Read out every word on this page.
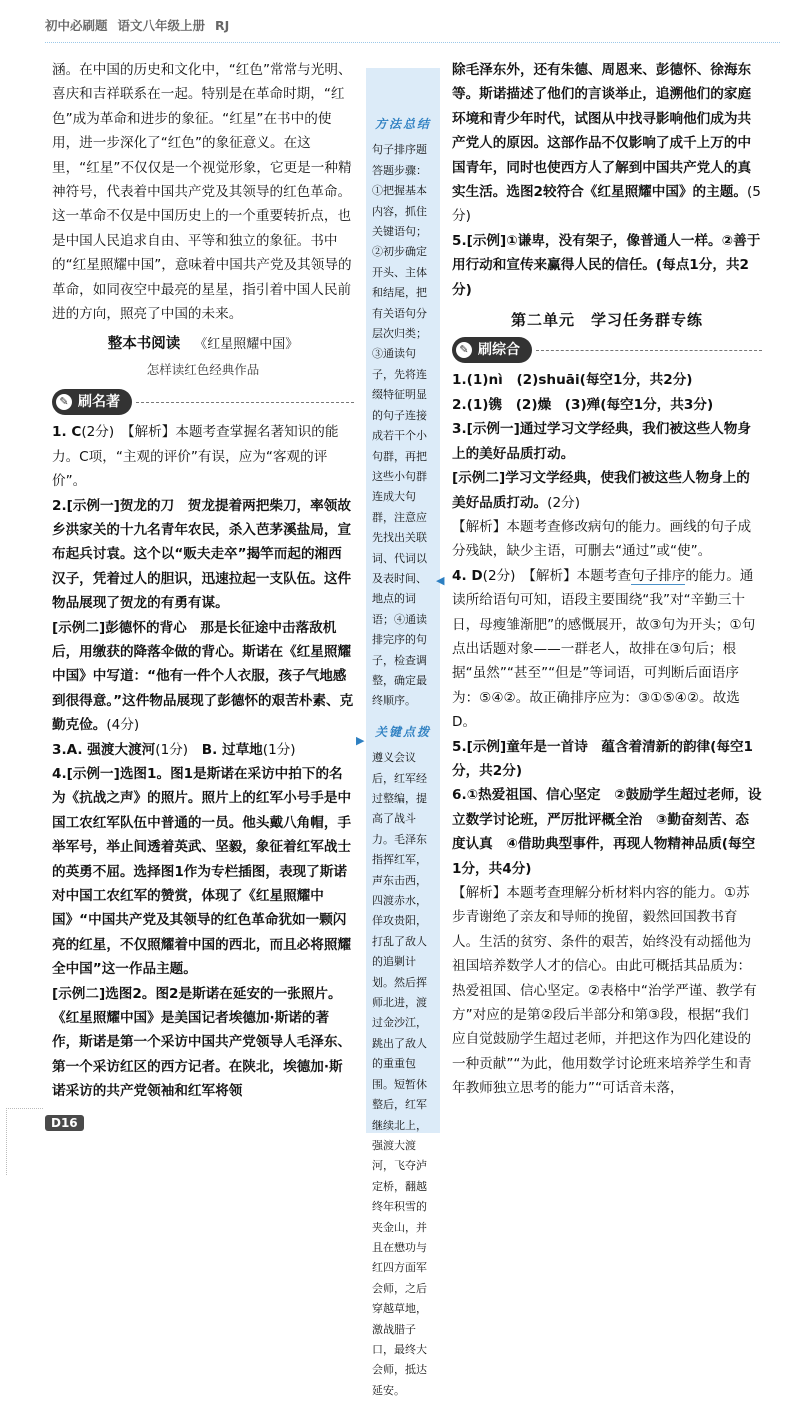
初中必刷题 语文八年级上册 RJ

涵。在中国的历史和文化中，“红色”常常与光明、喜庆和吉祥联系在一起。特别是在革命时期，“红色”成为革命和进步的象征。“红星”在书中的使用，进一步深化了“红色”的象征意义。在这里，“红星”不仅仅是一个视觉形象，它更是一种精神符号，代表着中国共产党及其领导的红色革命。这一革命不仅是中国历史上的一个重要转折点，也是中国人民追求自由、平等和独立的象征。书中的“红星照耀中国”，意味着中国共产党及其领导的革命，如同夜空中最亮的星星，指引着中国人民前进的方向，照亮了中国的未来。

整本书阅读 《红星照耀中国》
怎样读红色经典作品
✎ 刷名著

1. C(2分)　【解析】本题考查掌握名著知识的能力。C项，“主观的评价”有误，应为“客观的评价”。

2.[示例一]贺龙的刀　贺龙提着两把柴刀，率领故乡洪家关的十九名青年农民，杀入芭茅溪盐局，宣布起兵讨袁。这个以“贩夫走卒”揭竿而起的湘西汉子，凭着过人的胆识，迅速拉起一支队伍。这件物品展现了贺龙的有勇有谋。

[示例二]彭德怀的背心　那是长征途中击落敌机后，用缴获的降落伞做的背心。斯诺在《红星照耀中国》中写道：“他有一件个人衣服，孩子气地感到很得意。”这件物品展现了彭德怀的艰苦朴素、克勤克俭。(4分)

3.A. 强渡大渡河(1分)　B. 过草地(1分)

4.[示例一]选图1。图1是斯诺在采访中拍下的名为《抗战之声》的照片。照片上的红军小号手是中国工农红军队伍中普通的一员。他头戴八角帽，手举军号，举止间透着英武、坚毅，象征着红军战士的英勇不屈。选择图1作为专栏插图，表现了斯诺对中国工农红军的赞赏，体现了《红星照耀中国》“中国共产党及其领导的红色革命犹如一颗闪亮的红星，不仅照耀着中国的西北，而且必将照耀全中国”这一作品主题。

[示例二]选图2。图2是斯诺在延安的一张照片。《红星照耀中国》是美国记者埃德加·斯诺的著作，斯诺是第一个采访中国共产党领导人毛泽东、第一个采访红区的西方记者。在陕北，埃德加·斯诺采访的共产党领袖和红军将领

方法总结
句子排序题答题步骤：①把握基本内容，抓住关键语句；②初步确定开头、主体和结尾，把有关语句分层次归类；③通读句子，先将连缀特征明显的句子连接成若干个小句群，再把这些小句群连成大句群，注意应先找出关联词、代词以及表时间、地点的词语；④通读排完序的句子，检查调整，确定最终顺序。
关键点拨
遵义会议后，红军经过整编，提高了战斗力。毛泽东指挥红军，声东击西，四渡赤水，佯攻贵阳，打乱了敌人的追剿计划。然后挥师北进，渡过金沙江，跳出了敌人的重重包围。短暂休整后，红军继续北上，强渡大渡河，飞夺泸定桥，翻越终年积雪的夹金山，并且在懋功与红四方面军会师，之后穿越草地，激战腊子口，最终大会师，抵达延安。
◀
▶

除毛泽东外，还有朱德、周恩来、彭德怀、徐海东等。斯诺描述了他们的言谈举止，追溯他们的家庭环境和青少年时代，试图从中找寻影响他们成为共产党人的原因。这部作品不仅影响了成千上万的中国青年，同时也使西方人了解到中国共产党人的真实生活。选图2较符合《红星照耀中国》的主题。(5分)

5.[示例]①谦卑，没有架子，像普通人一样。②善于用行动和宣传来赢得人民的信任。(每点1分，共2分)

第二单元　学习任务群专练
✎ 刷综合

1.(1)nì　(2)shuāi(每空1分，共2分)

2.(1)镌　(2)燥　(3)殚(每空1分，共3分)

3.[示例一]通过学习文学经典，我们被这些人物身上的美好品质打动。

[示例二]学习文学经典，使我们被这些人物身上的美好品质打动。(2分)

【解析】本题考查修改病句的能力。画线的句子成分残缺，缺少主语，可删去“通过”或“使”。

4. D(2分)　【解析】本题考查句子排序的能力。通读所给语句可知，语段主要围绕“我”对“辛勤三十日，母瘦雏渐肥”的感慨展开，故③句为开头；①句点出话题对象——一群老人，故排在③句后；根据“虽然”“甚至”“但是”等词语，可判断后面语序为：⑤④②。故正确排序应为：③①⑤④②。故选D。

5.[示例]童年是一首诗　蕴含着清新的韵律(每空1分，共2分)

6.①热爱祖国、信心坚定　②鼓励学生超过老师，设立数学讨论班，严厉批评概全治　③勤奋刻苦、态度认真　④借助典型事件，再现人物精神品质(每空1分，共4分)

【解析】本题考查理解分析材料内容的能力。①苏步青谢绝了亲友和导师的挽留，毅然回国教书育人。生活的贫穷、条件的艰苦，始终没有动摇他为祖国培养数学人才的信心。由此可概括其品质为：热爱祖国、信心坚定。②表格中“治学严谨、教学有方”对应的是第②段后半部分和第③段，根据“我们应自觉鼓励学生超过老师，并把这作为四化建设的一种贡献”“为此，他用数学讨论班来培养学生和青年教师独立思考的能力”“可话音未落，

D16
